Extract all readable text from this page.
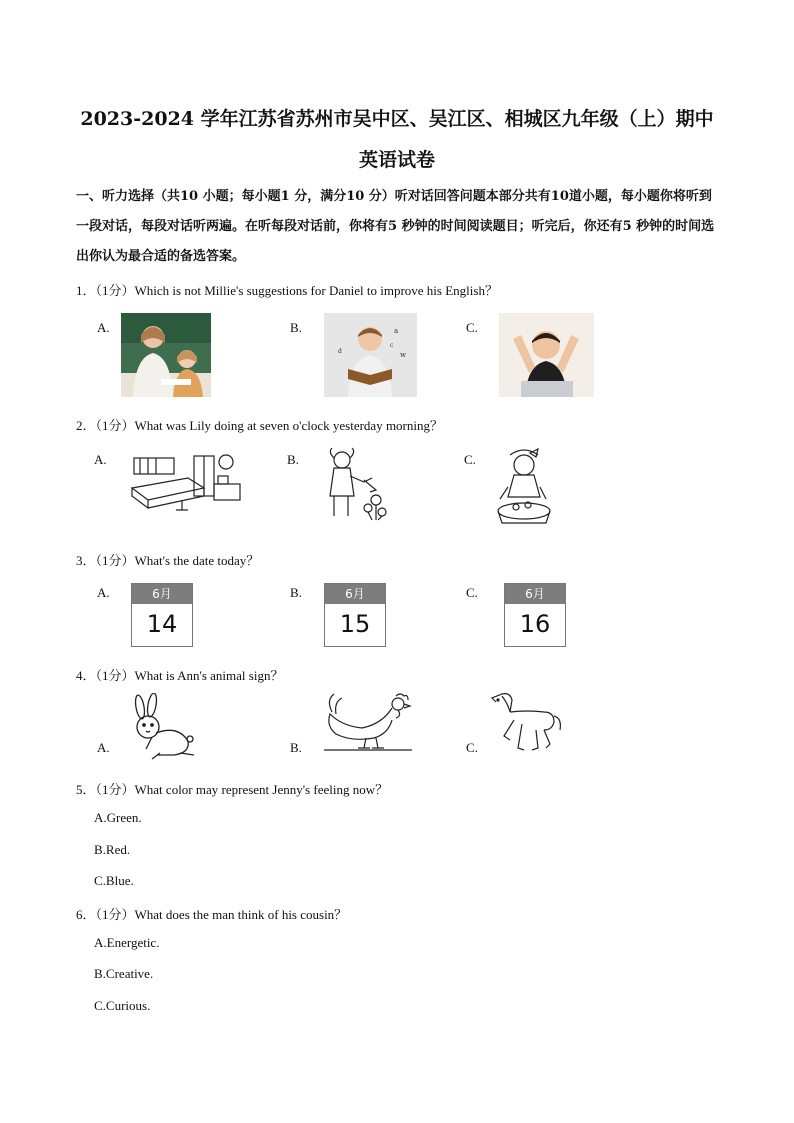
2023-2024 学年江苏省苏州市吴中区、吴江区、相城区九年级（上）期中
英语试卷
一、听力选择（共10 小题；每小题1 分，满分10 分）听对话回答问题本部分共有10道小题，每小题你将听到一段对话，每段对话听两遍。在听每段对话前，你将有5 秒钟的时间阅读题目；听完后，你还有5 秒钟的时间选出你认为最合适的备选答案。
1．（1分）Which is not Millie's suggestions for Daniel to improve his English？
A.	B.	C.
a
w
c
d
2．（1分）What was Lily doing at seven o'clock yesterday morning？
A.	B.	C.
3．（1分）What's the date today？
A.	B.	C.
6月
14
6月
15
6月
16
4．（1分）What is Ann's animal sign？
A.	B.	C.
5．（1分）What color may represent Jenny's feeling now？
A.Green.
B.Red.
C.Blue.
6．（1分）What does the man think of his cousin？
A.Energetic.
B.Creative.
C.Curious.
